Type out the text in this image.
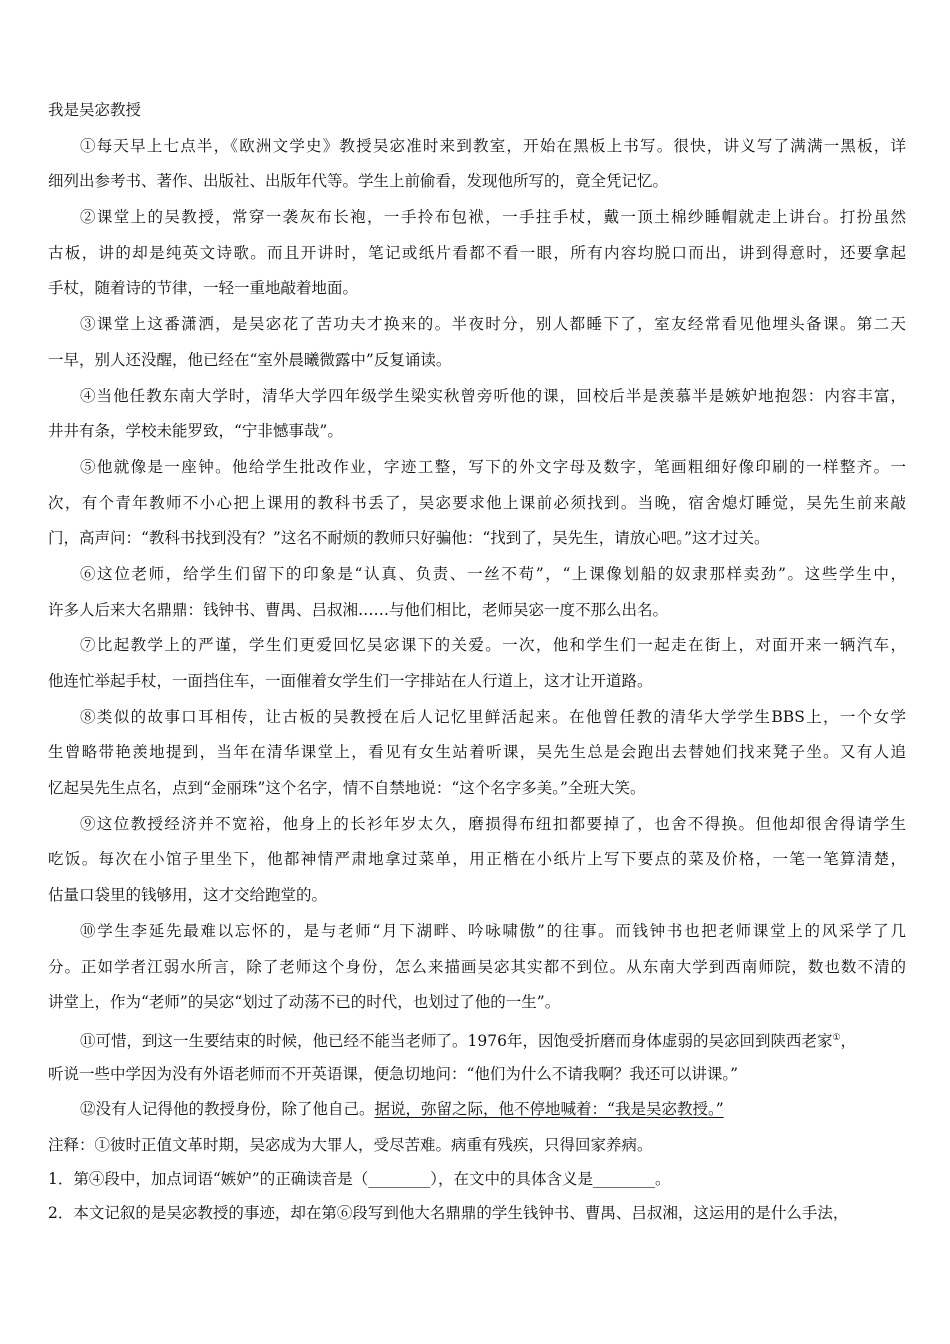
我是吴宓教授
①每天早上七点半，《欧洲文学史》教授吴宓准时来到教室，开始在黑板上书写。很快，讲义写了满满一黑板，详
细列出参考书、著作、出版社、出版年代等。学生上前偷看，发现他所写的，竟全凭记忆。
②课堂上的吴教授，常穿一袭灰布长袍，一手拎布包袱，一手拄手杖，戴一顶土棉纱睡帽就走上讲台。打扮虽然
古板，讲的却是纯英文诗歌。而且开讲时，笔记或纸片看都不看一眼，所有内容均脱口而出，讲到得意时，还要拿起
手杖，随着诗的节律，一轻一重地敲着地面。
③课堂上这番潇洒，是吴宓花了苦功夫才换来的。半夜时分，别人都睡下了，室友经常看见他埋头备课。第二天
一早，别人还没醒，他已经在“室外晨曦微露中”反复诵读。
④当他任教东南大学时，清华大学四年级学生梁实秋曾旁听他的课，回校后半是羡慕半是嫉妒地抱怨：内容丰富，
井井有条，学校未能罗致，“宁非憾事哉”。
⑤他就像是一座钟。他给学生批改作业，字迹工整，写下的外文字母及数字，笔画粗细好像印刷的一样整齐。一
次，有个青年教师不小心把上课用的教科书丢了，吴宓要求他上课前必须找到。当晚，宿舍熄灯睡觉，吴先生前来敲
门，高声问：“教科书找到没有？”这名不耐烦的教师只好骗他：“找到了，吴先生，请放心吧。”这才过关。
⑥这位老师，给学生们留下的印象是“认真、负责、一丝不苟”，“上课像划船的奴隶那样卖劲”。这些学生中，
许多人后来大名鼎鼎：钱钟书、曹禺、吕叔湘……与他们相比，老师吴宓一度不那么出名。
⑦比起教学上的严谨，学生们更爱回忆吴宓课下的关爱。一次，他和学生们一起走在街上，对面开来一辆汽车，
他连忙举起手杖，一面挡住车，一面催着女学生们一字排站在人行道上，这才让开道路。
⑧类似的故事口耳相传，让古板的吴教授在后人记忆里鲜活起来。在他曾任教的清华大学学生BBS上，一个女学
生曾略带艳羡地提到，当年在清华课堂上，看见有女生站着听课，吴先生总是会跑出去替她们找来凳子坐。又有人追
忆起吴先生点名，点到“金丽珠”这个名字，情不自禁地说：“这个名字多美。”全班大笑。
⑨这位教授经济并不宽裕，他身上的长衫年岁太久，磨损得布纽扣都要掉了，也舍不得换。但他却很舍得请学生
吃饭。每次在小馆子里坐下，他都神情严肃地拿过菜单，用正楷在小纸片上写下要点的菜及价格，一笔一笔算清楚，
估量口袋里的钱够用，这才交给跑堂的。
⑩学生李延先最难以忘怀的，是与老师“月下湖畔、吟咏啸傲”的往事。而钱钟书也把老师课堂上的风采学了几
分。正如学者江弱水所言，除了老师这个身份，怎么来描画吴宓其实都不到位。从东南大学到西南师院，数也数不清的
讲堂上，作为“老师”的吴宓“划过了动荡不已的时代，也划过了他的一生”。
⑪可惜，到这一生要结束的时候，他已经不能当老师了。1976年，因饱受折磨而身体虚弱的吴宓回到陕西老家①，
听说一些中学因为没有外语老师而不开英语课，便急切地问：“他们为什么不请我啊？我还可以讲课。”
⑫没有人记得他的教授身份，除了他自己。据说，弥留之际，他不停地喊着：“我是吴宓教授。”
注释：①彼时正值文革时期，吴宓成为大罪人，受尽苦难。病重有残疾，只得回家养病。
1．第④段中，加点词语“嫉妒”的正确读音是（________），在文中的具体含义是________。
2．本文记叙的是吴宓教授的事迹，却在第⑥段写到他大名鼎鼎的学生钱钟书、曹禺、吕叔湘，这运用的是什么手法，
